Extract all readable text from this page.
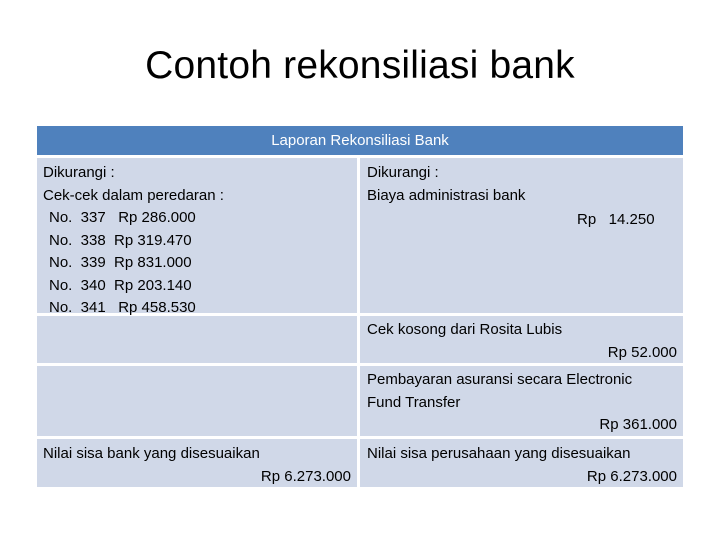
Contoh rekonsiliasi bank
Laporan Rekonsiliasi Bank
Dikurangi :
Cek-cek dalam peredaran :
No.  337   Rp 286.000
No.  338  Rp 319.470
No.  339  Rp 831.000
No.  340  Rp 203.140
No.  341   Rp 458.530
Dikurangi :
Biaya administrasi bank
Rp   14.250
Cek kosong dari Rosita Lubis
Rp 52.000
Pembayaran asuransi secara Electronic
Fund Transfer
Rp 361.000
Nilai sisa bank yang disesuaikan
Rp 6.273.000
Nilai sisa perusahaan yang disesuaikan
Rp 6.273.000
